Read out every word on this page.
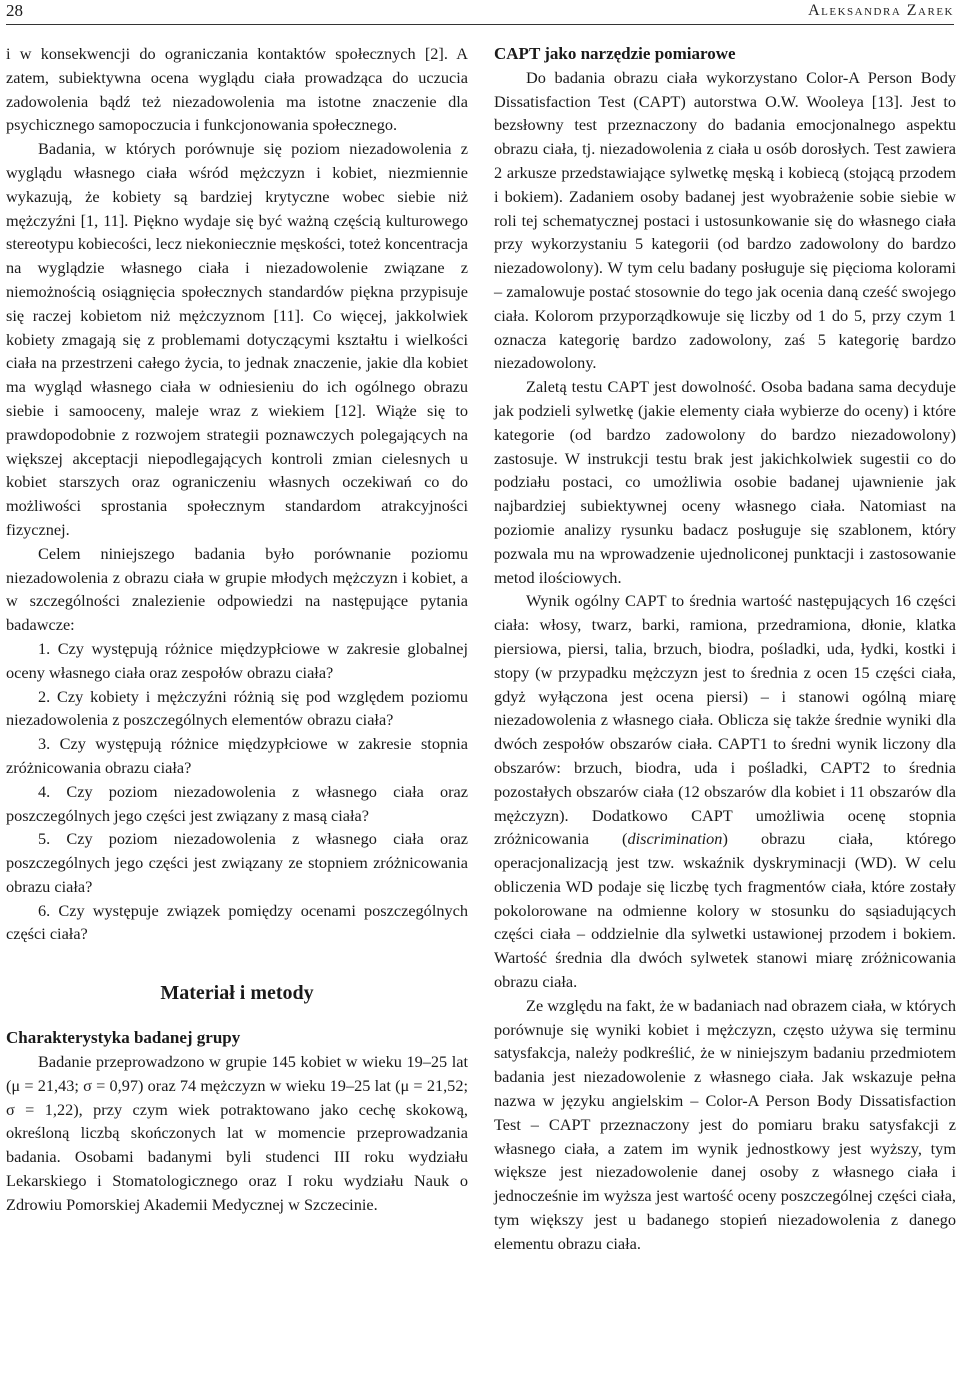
28	Aleksandra Zarek

i w konsekwencji do ograniczania kontaktów społecznych [2]. A zatem, subiektywna ocena wyglądu ciała prowadząca do uczucia zadowolenia bądź też niezadowolenia ma istotne znaczenie dla psychicznego samopoczucia i funkcjonowania społecznego.

Badania, w których porównuje się poziom niezadowolenia z wyglądu własnego ciała wśród mężczyzn i kobiet, niezmiennie wykazują, że kobiety są bardziej krytyczne wobec siebie niż mężczyźni [1, 11]. Piękno wydaje się być ważną częścią kulturowego stereotypu kobiecości, lecz niekoniecznie męskości, toteż koncentracja na wyglądzie własnego ciała i niezadowolenie związane z niemożnością osiągnięcia społecznych standardów piękna przypisuje się raczej kobietom niż mężczyznom [11]. Co więcej, jakkolwiek kobiety zmagają się z problemami dotyczącymi kształtu i wielkości ciała na przestrzeni całego życia, to jednak znaczenie, jakie dla kobiet ma wygląd własnego ciała w odniesieniu do ich ogólnego obrazu siebie i samooceny, maleje wraz z wiekiem [12]. Wiąże się to prawdopodobnie z rozwojem strategii poznawczych polegających na większej akceptacji niepodlegających kontroli zmian cielesnych u kobiet starszych oraz ograniczeniu własnych oczekiwań co do możliwości sprostania społecznym standardom atrakcyjności fizycznej.

Celem niniejszego badania było porównanie poziomu niezadowolenia z obrazu ciała w grupie młodych mężczyzn i kobiet, a w szczególności znalezienie odpowiedzi na następujące pytania badawcze:

1. Czy występują różnice międzypłciowe w zakresie globalnej oceny własnego ciała oraz zespołów obrazu ciała?

2. Czy kobiety i mężczyźni różnią się pod względem poziomu niezadowolenia z poszczególnych elementów obrazu ciała?

3. Czy występują różnice międzypłciowe w zakresie stopnia zróżnicowania obrazu ciała?

4. Czy poziom niezadowolenia z własnego ciała oraz poszczególnych jego części jest związany z masą ciała?

5. Czy poziom niezadowolenia z własnego ciała oraz poszczególnych jego części jest związany ze stopniem zróżnicowania obrazu ciała?

6. Czy występuje związek pomiędzy ocenami poszczególnych części ciała?

Materiał i metody
Charakterystyka badanej grupy

Badanie przeprowadzono w grupie 145 kobiet w wieku 19–25 lat (μ = 21,43; σ = 0,97) oraz 74 mężczyzn w wieku 19–25 lat (μ = 21,52; σ = 1,22), przy czym wiek potraktowano jako cechę skokową, określoną liczbą skończonych lat w momencie przeprowadzania badania. Osobami badanymi byli studenci III roku wydziału Lekarskiego i Stomatologicznego oraz I roku wydziału Nauk o Zdrowiu Pomorskiej Akademii Medycznej w Szczecinie.

CAPT jako narzędzie pomiarowe

Do badania obrazu ciała wykorzystano Color-A Person Body Dissatisfaction Test (CAPT) autorstwa O.W. Wooleya [13]. Jest to bezsłowny test przeznaczony do badania emocjonalnego aspektu obrazu ciała, tj. niezadowolenia z ciała u osób dorosłych. Test zawiera 2 arkusze przedstawiające sylwetkę męską i kobiecą (stojącą przodem i bokiem). Zadaniem osoby badanej jest wyobrażenie sobie siebie w roli tej schematycznej postaci i ustosunkowanie się do własnego ciała przy wykorzystaniu 5 kategorii (od bardzo zadowolony do bardzo niezadowolony). W tym celu badany posługuje się pięcioma kolorami – zamalowuje postać stosownie do tego jak ocenia daną cześć swojego ciała. Kolorom przyporządkowuje się liczby od 1 do 5, przy czym 1 oznacza kategorię bardzo zadowolony, zaś 5 kategorię bardzo niezadowolony.

Zaletą testu CAPT jest dowolność. Osoba badana sama decyduje jak podzieli sylwetkę (jakie elementy ciała wybierze do oceny) i które kategorie (od bardzo zadowolony do bardzo niezadowolony) zastosuje. W instrukcji testu brak jest jakichkolwiek sugestii co do podziału postaci, co umożliwia osobie badanej ujawnienie jak najbardziej subiektywnej oceny własnego ciała. Natomiast na poziomie analizy rysunku badacz posługuje się szablonem, który pozwala mu na wprowadzenie ujednoliconej punktacji i zastosowanie metod ilościowych.

Wynik ogólny CAPT to średnia wartość następujących 16 części ciała: włosy, twarz, barki, ramiona, przedramiona, dłonie, klatka piersiowa, piersi, talia, brzuch, biodra, pośladki, uda, łydki, kostki i stopy (w przypadku mężczyzn jest to średnia z ocen 15 części ciała, gdyż wyłączona jest ocena piersi) – i stanowi ogólną miarę niezadowolenia z własnego ciała. Oblicza się także średnie wyniki dla dwóch zespołów obszarów ciała. CAPT1 to średni wynik liczony dla obszarów: brzuch, biodra, uda i pośladki, CAPT2 to średnia pozostałych obszarów ciała (12 obszarów dla kobiet i 11 obszarów dla mężczyzn). Dodatkowo CAPT umożliwia ocenę stopnia zróżnicowania (discrimination) obrazu ciała, którego operacjonalizacją jest tzw. wskaźnik dyskryminacji (WD). W celu obliczenia WD podaje się liczbę tych fragmentów ciała, które zostały pokolorowane na odmienne kolory w stosunku do sąsiadujących części ciała – oddzielnie dla sylwetki ustawionej przodem i bokiem. Wartość średnia dla dwóch sylwetek stanowi miarę zróżnicowania obrazu ciała.

Ze względu na fakt, że w badaniach nad obrazem ciała, w których porównuje się wyniki kobiet i mężczyzn, często używa się terminu satysfakcja, należy podkreślić, że w niniejszym badaniu przedmiotem badania jest niezadowolenie z własnego ciała. Jak wskazuje pełna nazwa w języku angielskim – Color-A Person Body Dissatisfaction Test – CAPT przeznaczony jest do pomiaru braku satysfakcji z własnego ciała, a zatem im wynik jednostkowy jest wyższy, tym większe jest niezadowolenie danej osoby z własnego ciała i jednocześnie im wyższa jest wartość oceny poszczególnej części ciała, tym większy jest u badanego stopień niezadowolenia z danego elementu obrazu ciała.
